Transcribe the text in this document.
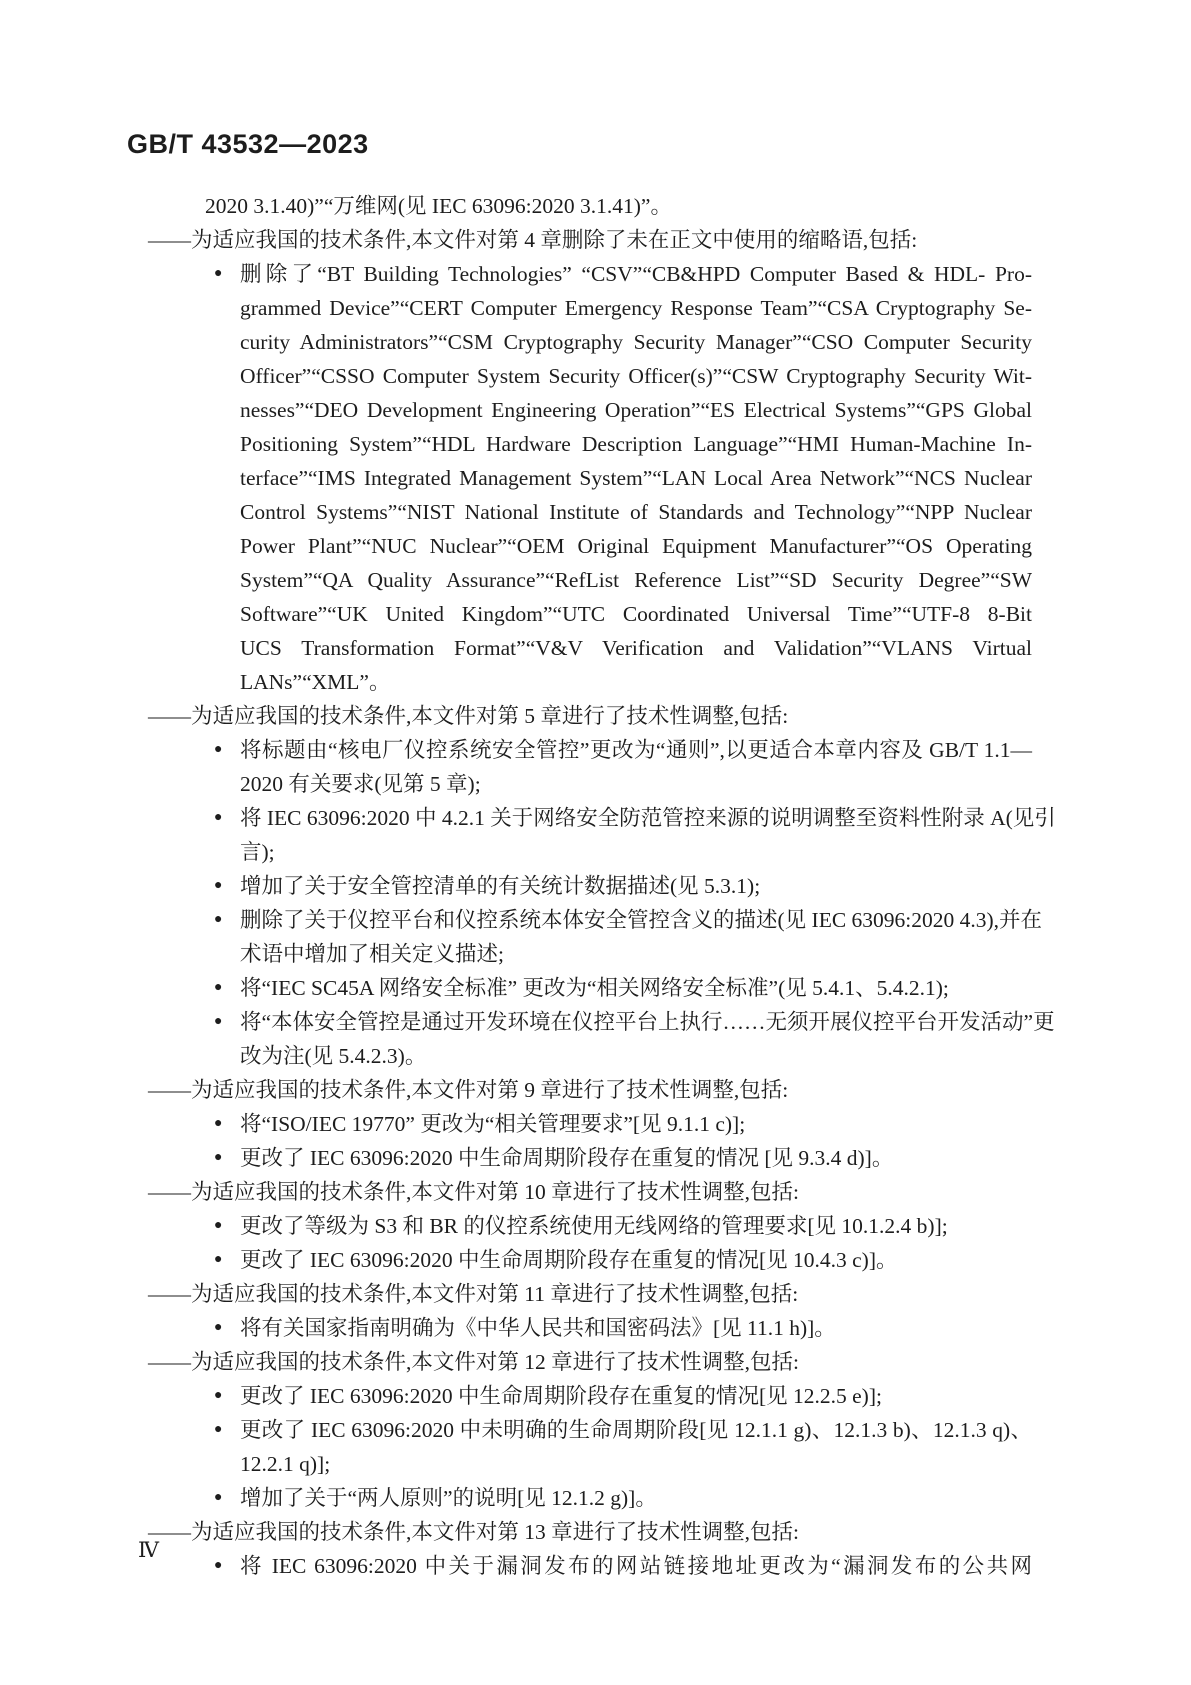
GB/T 43532—2023
2020 3.1.40)”“万维网(见 IEC 63096:2020 3.1.41)”。
——为适应我国的技术条件,本文件对第 4 章删除了未在正文中使用的缩略语,包括:
● 删除了“BT Building Technologies” “CSV”“CB&HPD Computer Based & HDL- Pro-
grammed Device”“CERT Computer Emergency Response Team”“CSA Cryptography Se-
curity Administrators”“CSM Cryptography Security Manager”“CSO Computer Security
Officer”“CSSO Computer System Security Officer(s)”“CSW Cryptography Security Wit-
nesses”“DEO Development Engineering Operation”“ES Electrical Systems”“GPS Global
Positioning System”“HDL Hardware Description Language”“HMI Human-Machine In-
terface”“IMS Integrated Management System”“LAN Local Area Network”“NCS Nuclear
Control Systems”“NIST National Institute of Standards and Technology”“NPP Nuclear
Power Plant”“NUC Nuclear”“OEM Original Equipment Manufacturer”“OS Operating
System”“QA Quality Assurance”“RefList Reference List”“SD Security Degree”“SW
Software”“UK United Kingdom”“UTC Coordinated Universal Time”“UTF-8 8-Bit
UCS Transformation Format”“V&V Verification and Validation”“VLANS Virtual
LANs”“XML”。
——为适应我国的技术条件,本文件对第 5 章进行了技术性调整,包括:
● 将标题由“核电厂仪控系统安全管控”更改为“通则”,以更适合本章内容及 GB/T 1.1—
2020 有关要求(见第 5 章);
● 将 IEC 63096:2020 中 4.2.1 关于网络安全防范管控来源的说明调整至资料性附录 A(见引
言);
● 增加了关于安全管控清单的有关统计数据描述(见 5.3.1);
● 删除了关于仪控平台和仪控系统本体安全管控含义的描述(见 IEC 63096:2020 4.3),并在
术语中增加了相关定义描述;
● 将“IEC SC45A 网络安全标准” 更改为“相关网络安全标准”(见 5.4.1、5.4.2.1);
● 将“本体安全管控是通过开发环境在仪控平台上执行……无须开展仪控平台开发活动”更
改为注(见 5.4.2.3)。
——为适应我国的技术条件,本文件对第 9 章进行了技术性调整,包括:
● 将“ISO/IEC 19770” 更改为“相关管理要求”[见 9.1.1 c)];
● 更改了 IEC 63096:2020 中生命周期阶段存在重复的情况 [见 9.3.4 d)]。
——为适应我国的技术条件,本文件对第 10 章进行了技术性调整,包括:
● 更改了等级为 S3 和 BR 的仪控系统使用无线网络的管理要求[见 10.1.2.4 b)];
● 更改了 IEC 63096:2020 中生命周期阶段存在重复的情况[见 10.4.3 c)]。
——为适应我国的技术条件,本文件对第 11 章进行了技术性调整,包括:
● 将有关国家指南明确为《中华人民共和国密码法》[见 11.1 h)]。
——为适应我国的技术条件,本文件对第 12 章进行了技术性调整,包括:
● 更改了 IEC 63096:2020 中生命周期阶段存在重复的情况[见 12.2.5 e)];
● 更改了 IEC 63096:2020 中未明确的生命周期阶段[见 12.1.1 g)、12.1.3 b)、12.1.3 q)、
12.2.1 q)];
● 增加了关于“两人原则”的说明[见 12.1.2 g)]。
——为适应我国的技术条件,本文件对第 13 章进行了技术性调整,包括:
● 将 IEC 63096:2020 中关于漏洞发布的网站链接地址更改为“漏洞发布的公共网
Ⅳ
